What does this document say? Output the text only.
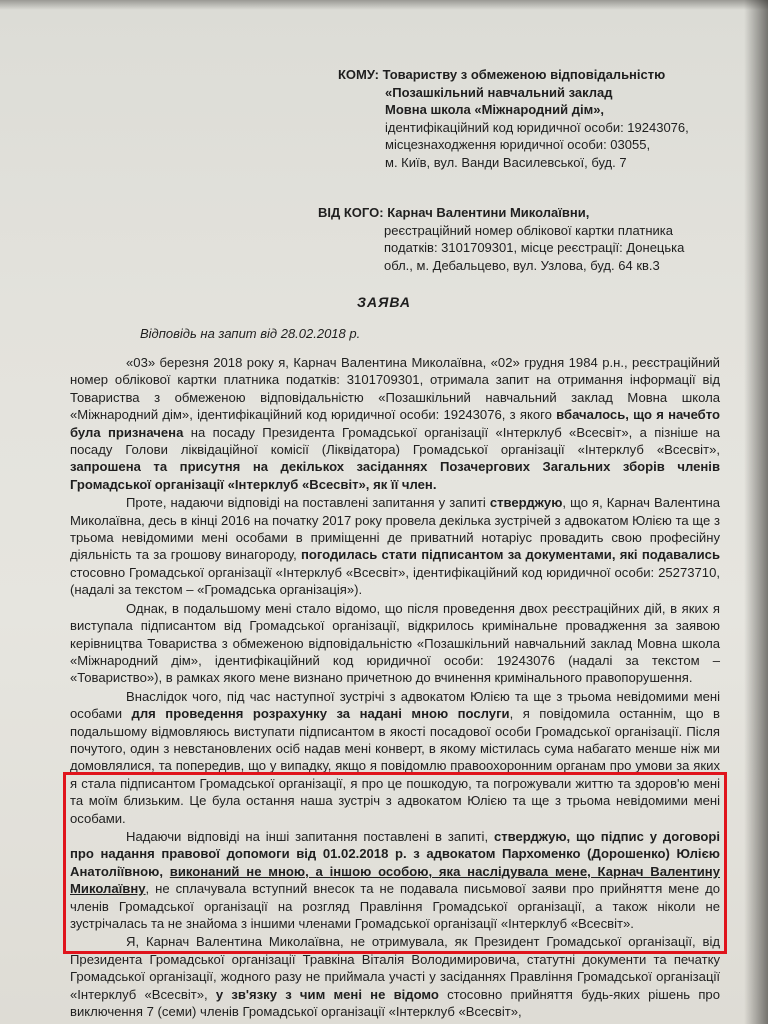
КОМУ: Товариству з обмеженою відповідальністю
«Позашкільний навчальний заклад
Мовна школа «Міжнародний дім»,
ідентифікаційний код юридичної особи: 19243076,
місцезнаходження юридичної особи: 03055,
м. Київ, вул. Ванди Василевської, буд. 7
ВІД КОГО: Карнач Валентини Миколаївни,
реєстраційний номер облікової картки платника
податків: 3101709301, місце реєстрації: Донецька
обл., м. Дебальцево, вул. Узлова, буд. 64 кв.3
ЗАЯВА
Відповідь на запит від 28.02.2018 р.

«03» березня 2018 року я, Карнач Валентина Миколаївна, «02» грудня 1984 р.н., реєстраційний номер облікової картки платника податків: 3101709301, отримала запит на отримання інформації від Товариства з обмеженою відповідальністю «Позашкільний навчальний заклад Мовна школа «Міжнародний дім», ідентифікаційний код юридичної особи: 19243076, з якого вбачалось, що я начебто була призначена на посаду Президента Громадської організації «Інтерклуб «Всесвіт», а пізніше на посаду Голови ліквідаційної комісії (Ліквідатора) Громадської організації «Інтерклуб «Всесвіт», запрошена та присутня на декількох засіданнях Позачергових Загальних зборів членів Громадської організації «Інтерклуб «Всесвіт», як її член.

Проте, надаючи відповіді на поставлені запитання у запиті стверджую, що я, Карнач Валентина Миколаївна, десь в кінці 2016 на початку 2017 року провела декілька зустрічей з адвокатом Юлією та ще з трьома невідомими мені особами в приміщенні де приватний нотаріус провадить свою професійну діяльність та за грошову винагороду, погодилась стати підписантом за документами, які подавались стосовно Громадської організації «Інтерклуб «Всесвіт», ідентифікаційний код юридичної особи: 25273710, (надалі за текстом – «Громадська організація»).

Однак, в подальшому мені стало відомо, що після проведення двох реєстраційних дій, в яких я виступала підписантом від Громадської організації, відкрилось кримінальне провадження за заявою керівництва Товариства з обмеженою відповідальністю «Позашкільний навчальний заклад Мовна школа «Міжнародний дім», ідентифікаційний код юридичної особи: 19243076 (надалі за текстом – «Товариство»), в рамках якого мене визнано причетною до вчинення кримінального правопорушення.

Внаслідок чого, під час наступної зустрічі з адвокатом Юлією та ще з трьома невідомими мені особами для проведення розрахунку за надані мною послуги, я повідомила останнім, що в подальшому відмовляюсь виступати підписантом в якості посадової особи Громадської організації. Після почутого, один з невстановлених осіб надав мені конверт, в якому містилась сума набагато менше ніж ми домовлялися, та попередив, що у випадку, якщо я повідомлю правоохоронним органам про умови за яких я стала підписантом Громадської організації, я про це пошкодую, та погрожували життю та здоров'ю мені та моїм близьким. Це була остання наша зустріч з адвокатом Юлією та ще з трьома невідомими мені особами.

Надаючи відповіді на інші запитання поставлені в запиті, стверджую, що підпис у договорі про надання правової допомоги від 01.02.2018 р. з адвокатом Пархоменко (Дорошенко) Юлією Анатоліївною, виконаний не мною, а іншою особою, яка наслідувала мене, Карнач Валентину Миколаївну, не сплачувала вступний внесок та не подавала письмової заяви про прийняття мене до членів Громадської організації на розгляд Правління Громадської організації, а також ніколи не зустрічалась та не знайома з іншими членами Громадської організації «Інтерклуб «Всесвіт».

Я, Карнач Валентина Миколаївна, не отримувала, як Президент Громадської організації, від Президента Громадської організації Травкіна Віталія Володимировича, статутні документи та печатку Громадської організації, жодного разу не приймала участі у засіданнях Правління Громадської організації «Інтерклуб «Всесвіт», у зв'язку з чим мені не відомо стосовно прийняття будь-яких рішень про виключення 7 (семи) членів Громадської організації «Інтерклуб «Всесвіт»,
